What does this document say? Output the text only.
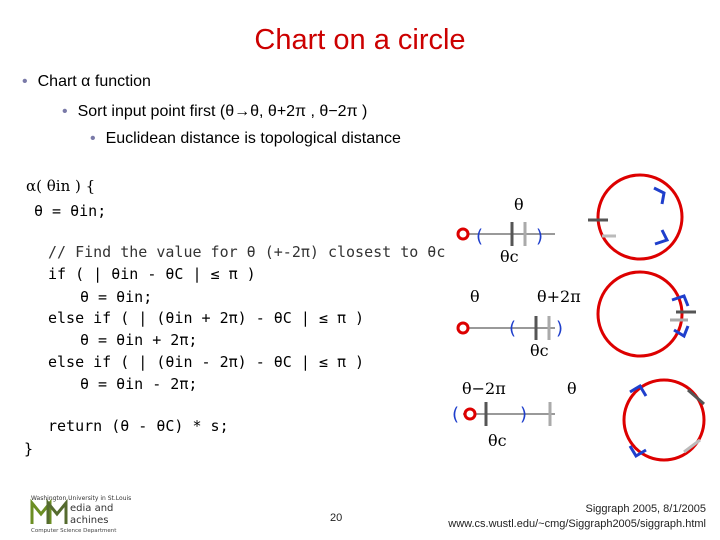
Chart on a circle
• Chart α function
• Sort input point first (θ→θ, θ+2π , θ−2π )
• Euclidean distance is topological distance
α( θin ) {
θ = θin;
// Find the value for θ (+-2π) closest to θc
if ( | θin - θC | ≤ π )
θ = θin;
else if ( | (θin + 2π) - θC | ≤ π )
θ = θin + 2π;
else if ( | (θin - 2π) - θC | ≤ π )
θ = θin - 2π;
return (θ - θC) * s;
}
(	)
θ
θc
( )
θ	θ+2π
θc
(	)
θ−2π	θ
θc
Washington University in St.Louis
edia and
achines
Computer Science Department
20
Siggraph 2005, 8/1/2005
www.cs.wustl.edu/~cmg/Siggraph2005/siggraph.html
